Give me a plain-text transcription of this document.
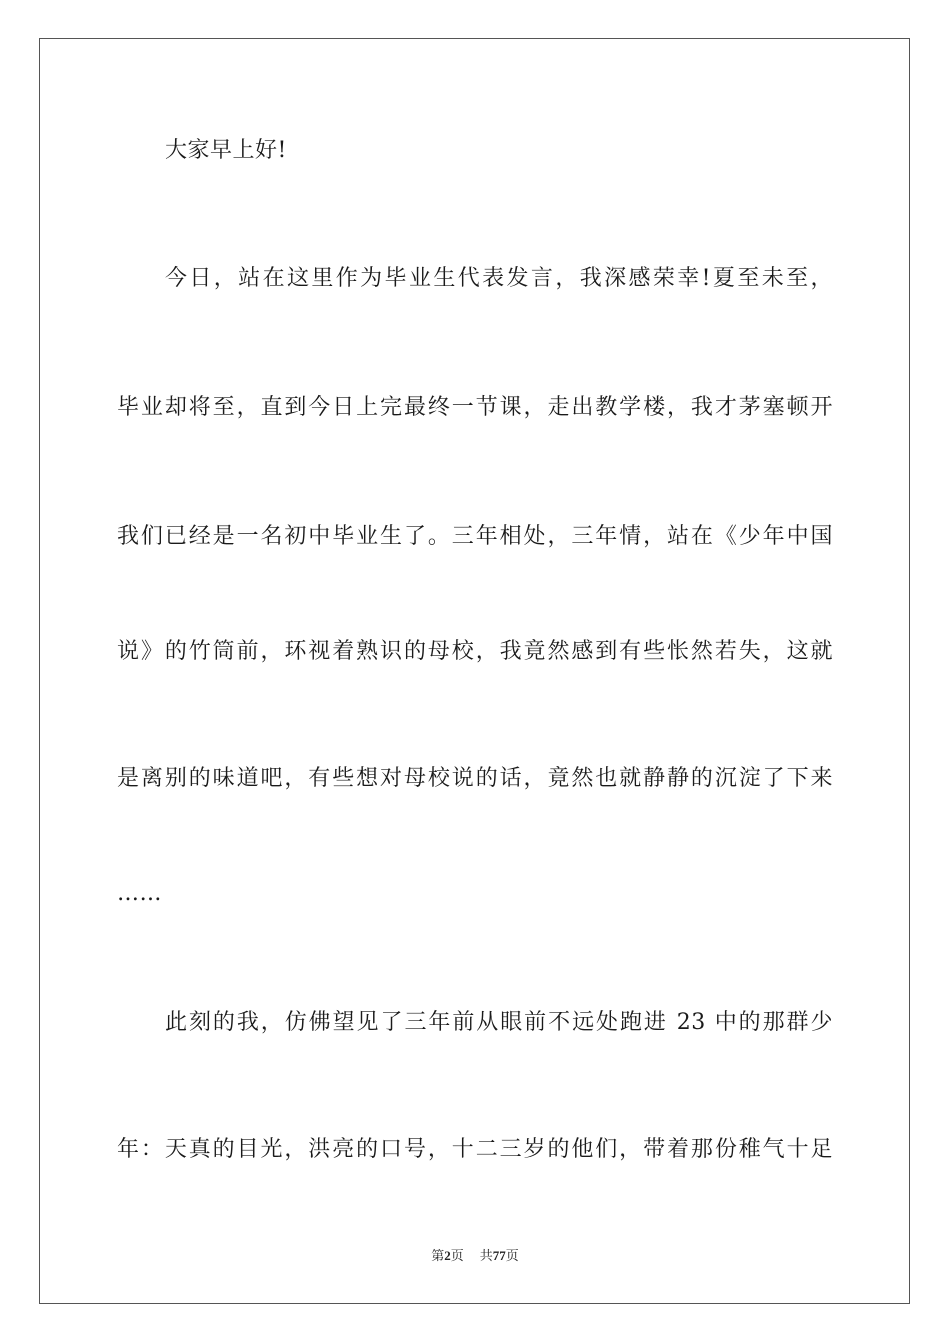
大家早上好!
今日，站在这里作为毕业生代表发言，我深感荣幸!夏至未至，
毕业却将至，直到今日上完最终一节课，走出教学楼，我才茅塞顿开
我们已经是一名初中毕业生了。三年相处，三年情，站在《少年中国
说》的竹筒前，环视着熟识的母校，我竟然感到有些怅然若失，这就
是离别的味道吧，有些想对母校说的话，竟然也就静静的沉淀了下来
……
此刻的我，仿佛望见了三年前从眼前不远处跑进 23 中的那群少
年：天真的目光，洪亮的口号，十二三岁的他们，带着那份稚气十足
第2页 共77页
